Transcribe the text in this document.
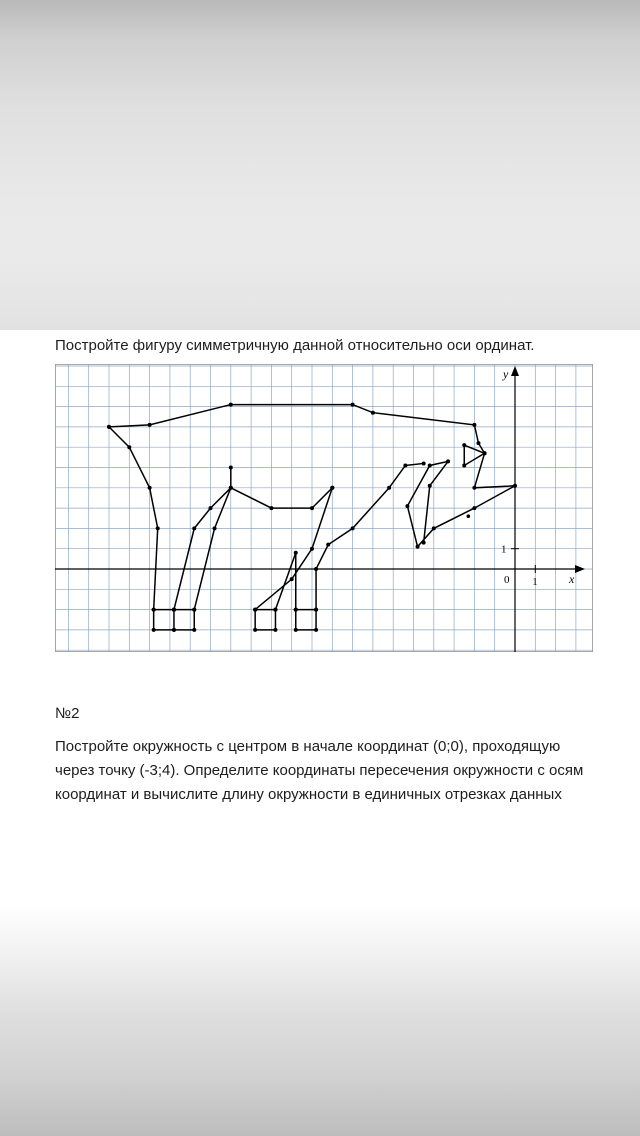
Постройте фигуру симметричную данной относительно оси ординат.
x
y
0 1
1
№2
Постройте окружность с центром в начале координат (0;0), проходящую
через точку (-3;4). Определите координаты пересечения окружности с осям
координат и вычислите длину окружности в единичных отрезках данных
